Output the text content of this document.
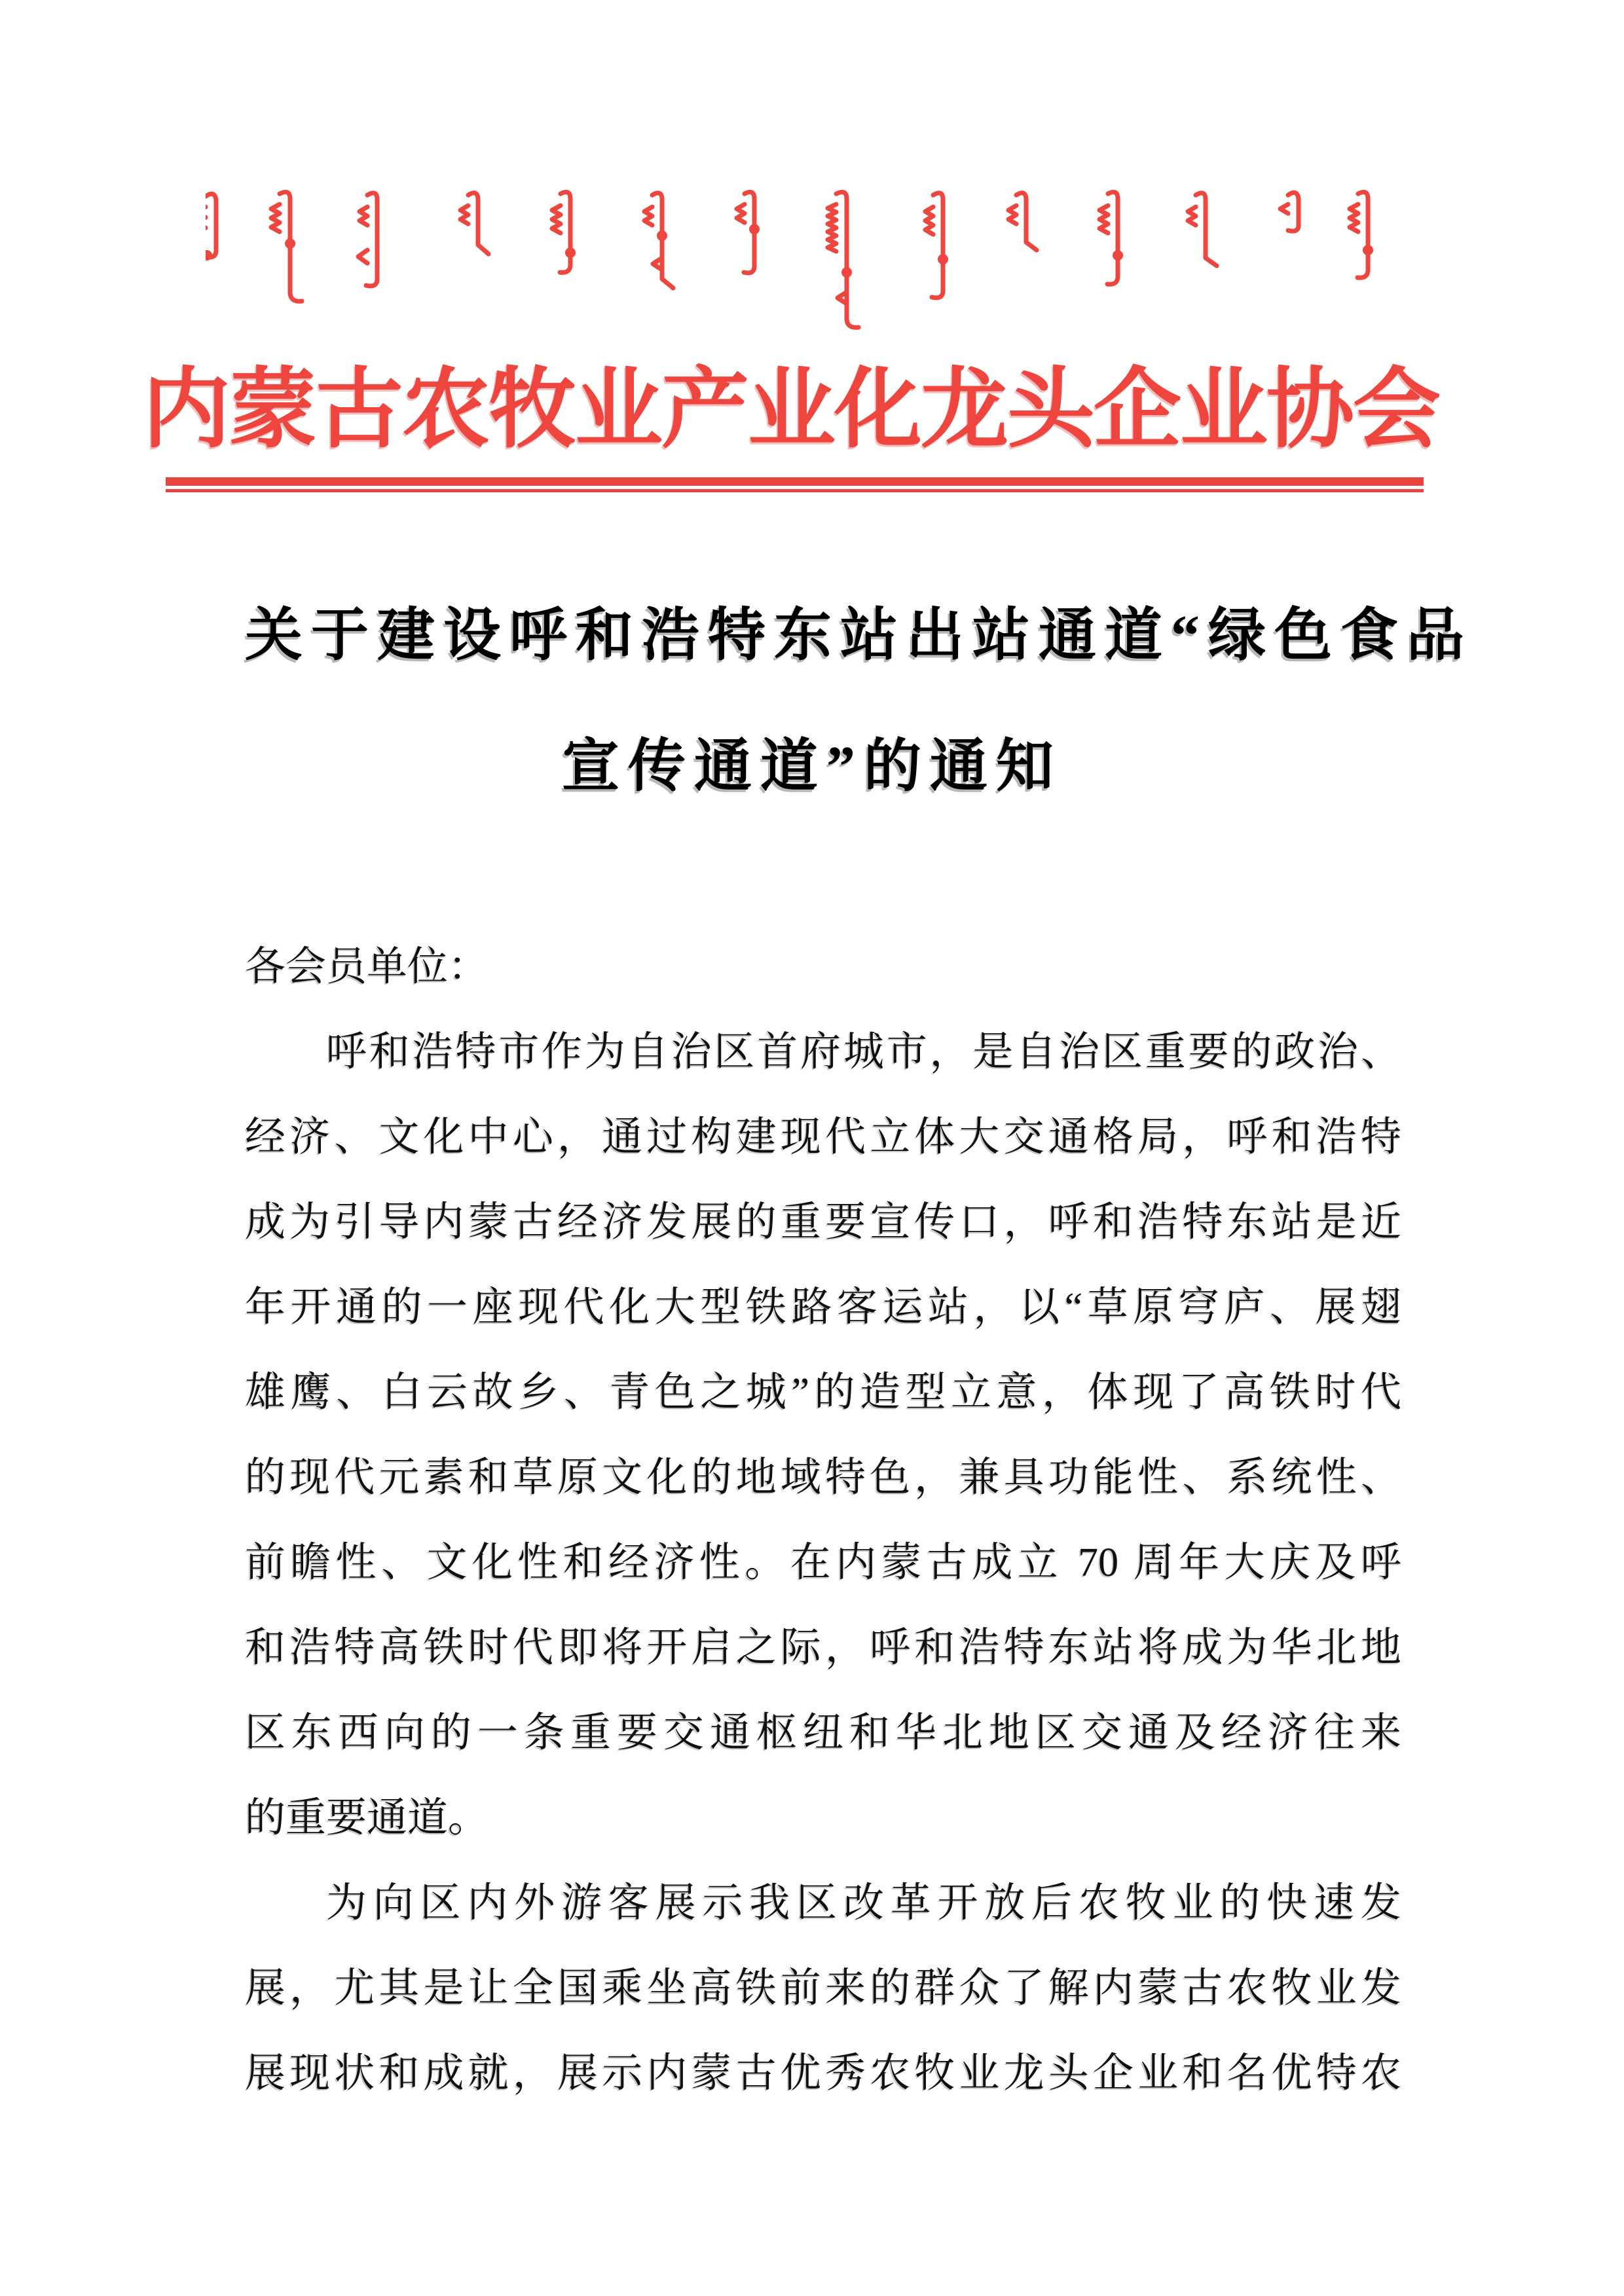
内蒙古农牧业产业化龙头企业协会
关于建设呼和浩特东站出站通道“绿色食品
宣传通道”的通知
各会员单位：
呼和浩特市作为自治区首府城市，是自治区重要的政治、
经济、文化中心，通过构建现代立体大交通格局，呼和浩特
成为引导内蒙古经济发展的重要宣传口，呼和浩特东站是近
年开通的一座现代化大型铁路客运站，以“草原穹庐、展翅
雄鹰、白云故乡、青色之城”的造型立意，体现了高铁时代
的现代元素和草原文化的地域特色，兼具功能性、系统性、
前瞻性、文化性和经济性。在内蒙古成立 70 周年大庆及呼
和浩特高铁时代即将开启之际，呼和浩特东站将成为华北地
区东西向的一条重要交通枢纽和华北地区交通及经济往来
的重要通道。
为向区内外游客展示我区改革开放后农牧业的快速发
展，尤其是让全国乘坐高铁前来的群众了解内蒙古农牧业发
展现状和成就，展示内蒙古优秀农牧业龙头企业和名优特农
